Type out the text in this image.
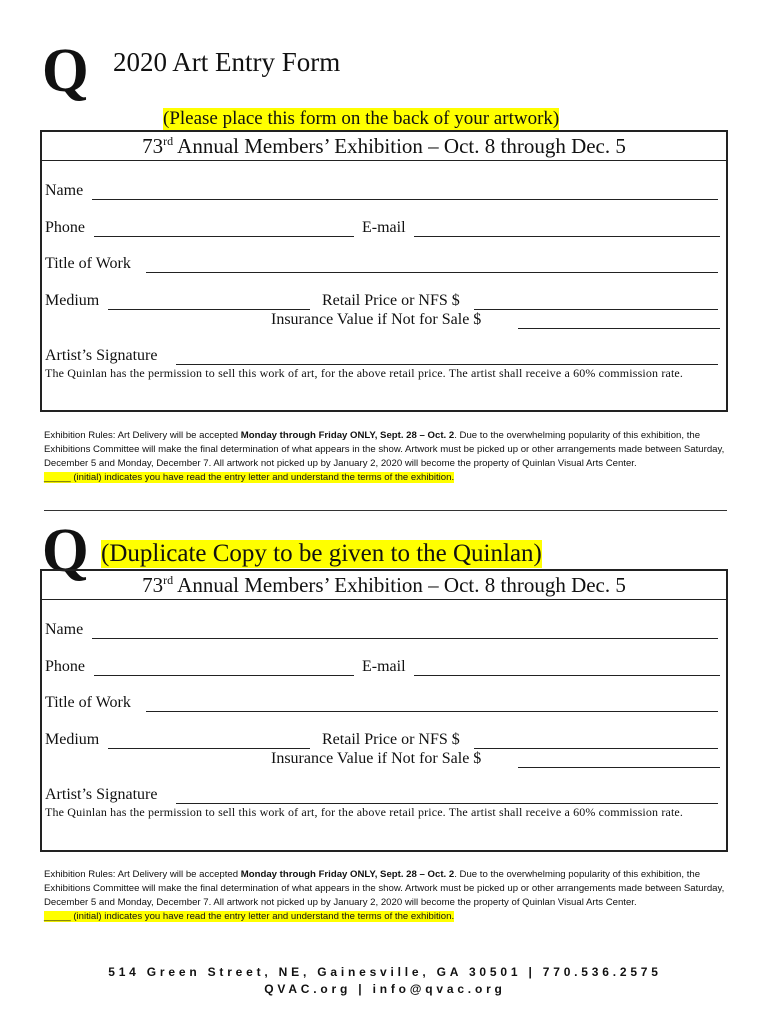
Q 2020 Art Entry Form
(Please place this form on the back of your artwork)
73rd Annual Members’ Exhibition – Oct. 8 through Dec. 5
Name
Phone	E-mail
Title of Work
Medium	Retail Price or NFS $
Insurance Value if Not for Sale $
Artist’s Signature
The Quinlan has the permission to sell this work of art, for the above retail price. The artist shall receive a 60% commission rate.
Exhibition Rules: Art Delivery will be accepted Monday through Friday ONLY, Sept. 28 – Oct. 2. Due to the overwhelming popularity of this exhibition, the Exhibitions Committee will make the final determination of what appears in the show. Artwork must be picked up or other arrangements made between Saturday, December 5 and Monday, December 7. All artwork not picked up by January 2, 2020 will become the property of Quinlan Visual Arts Center.
_____ (initial) indicates you have read the entry letter and understand the terms of the exhibition.
Q (Duplicate Copy to be given to the Quinlan)
73rd Annual Members’ Exhibition – Oct. 8 through Dec. 5
Name
Phone	E-mail
Title of Work
Medium	Retail Price or NFS $
Insurance Value if Not for Sale $
Artist’s Signature
The Quinlan has the permission to sell this work of art, for the above retail price. The artist shall receive a 60% commission rate.
Exhibition Rules: Art Delivery will be accepted Monday through Friday ONLY, Sept. 28 – Oct. 2. Due to the overwhelming popularity of this exhibition, the Exhibitions Committee will make the final determination of what appears in the show. Artwork must be picked up or other arrangements made between Saturday, December 5 and Monday, December 7. All artwork not picked up by January 2, 2020 will become the property of Quinlan Visual Arts Center.
_____ (initial) indicates you have read the entry letter and understand the terms of the exhibition.
514 Green Street, NE, Gainesville, GA 30501 | 770.536.2575
QVAC.org | info@qvac.org
